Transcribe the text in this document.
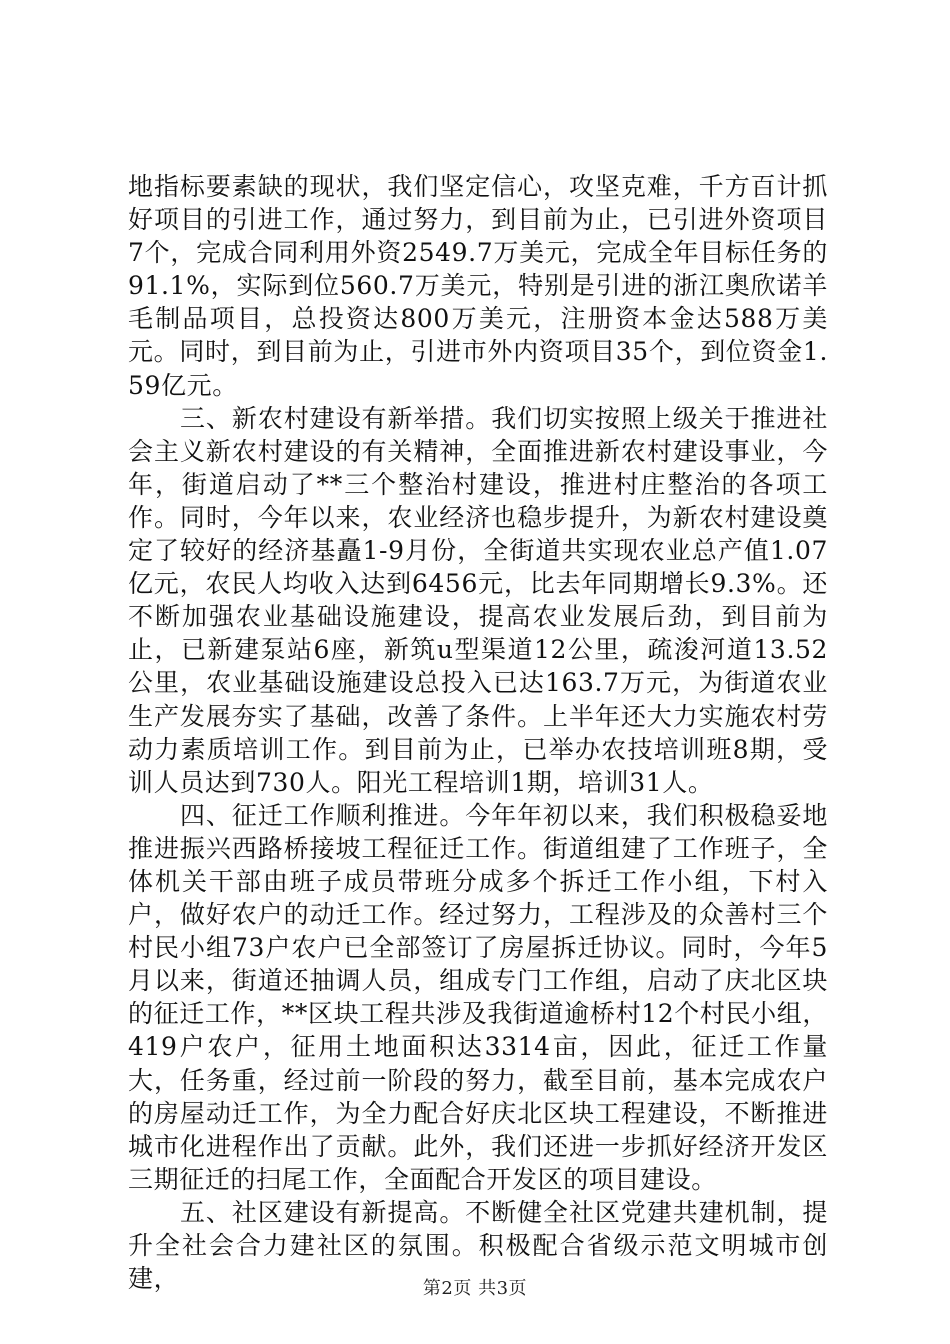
地指标要素缺的现状，我们坚定信心，攻坚克难，千方百计抓好项目的引进工作，通过努力，到目前为止，已引进外资项目7个，完成合同利用外资2549.7万美元，完成全年目标任务的91.1%，实际到位560.7万美元，特别是引进的浙江奥欣诺羊毛制品项目，总投资达800万美元，注册资本金达588万美元。同时，到目前为止，引进市外内资项目35个，到位资金1.59亿元。

三、新农村建设有新举措。我们切实按照上级关于推进社会主义新农村建设的有关精神，全面推进新农村建设事业，今年，街道启动了**三个整治村建设，推进村庄整治的各项工作。同时，今年以来，农业经济也稳步提升，为新农村建设奠定了较好的经济基矗1-9月份，全街道共实现农业总产值1.07亿元，农民人均收入达到6456元，比去年同期增长9.3%。还不断加强农业基础设施建设，提高农业发展后劲，到目前为止，已新建泵站6座，新筑u型渠道12公里，疏浚河道13.52公里，农业基础设施建设总投入已达163.7万元，为街道农业生产发展夯实了基础，改善了条件。上半年还大力实施农村劳动力素质培训工作。到目前为止，已举办农技培训班8期，受训人员达到730人。阳光工程培训1期，培训31人。

四、征迁工作顺利推进。今年年初以来，我们积极稳妥地推进振兴西路桥接坡工程征迁工作。街道组建了工作班子，全体机关干部由班子成员带班分成多个拆迁工作小组，下村入户，做好农户的动迁工作。经过努力，工程涉及的众善村三个村民小组73户农户已全部签订了房屋拆迁协议。同时，今年5月以来，街道还抽调人员，组成专门工作组，启动了庆北区块的征迁工作，**区块工程共涉及我街道逾桥村12个村民小组，419户农户，征用土地面积达3314亩，因此，征迁工作量大，任务重，经过前一阶段的努力，截至目前，基本完成农户的房屋动迁工作，为全力配合好庆北区块工程建设，不断推进城市化进程作出了贡献。此外，我们还进一步抓好经济开发区三期征迁的扫尾工作，全面配合开发区的项目建设。

五、社区建设有新提高。不断健全社区党建共建机制，提升全社会合力建社区的氛围。积极配合省级示范文明城市创建，	第2页 共3页
